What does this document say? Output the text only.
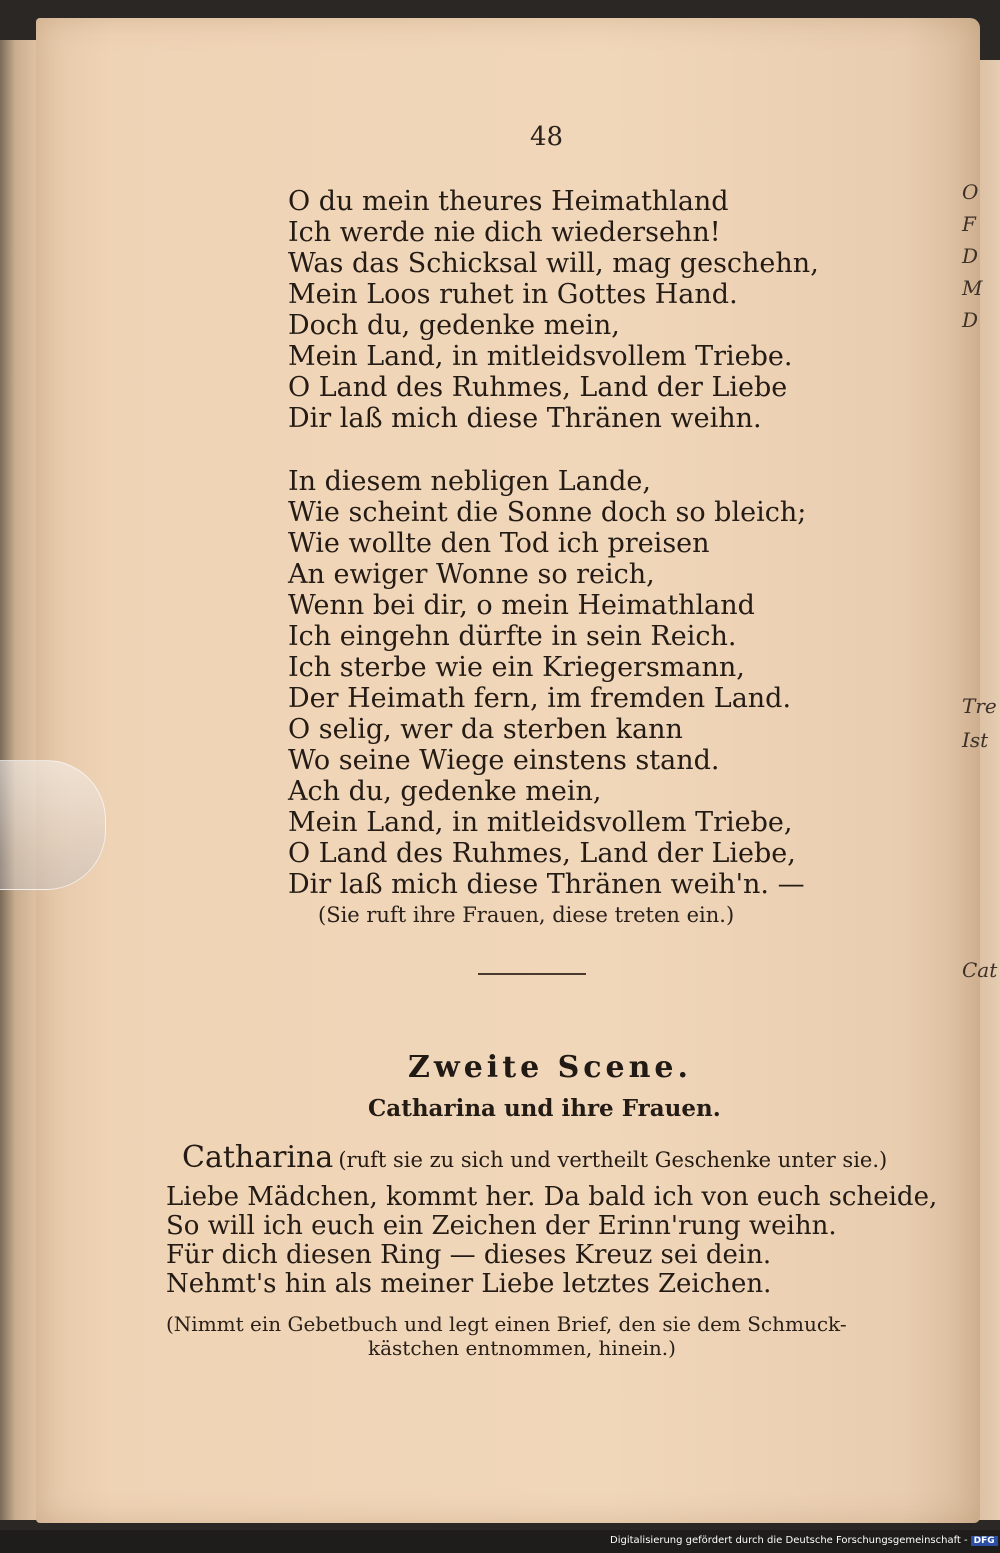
O
F
D
M
D
Tre
Ist
Cat
48
O du mein theures Heimathland
Ich werde nie dich wiedersehn!
Was das Schicksal will, mag geschehn,
Mein Loos ruhet in Gottes Hand.
Doch du, gedenke mein,
Mein Land, in mitleidsvollem Triebe.
O Land des Ruhmes, Land der Liebe
Dir laß mich diese Thränen weihn.
In diesem nebligen Lande,
Wie scheint die Sonne doch so bleich;
Wie wollte den Tod ich preisen
An ewiger Wonne so reich,
Wenn bei dir, o mein Heimathland
Ich eingehn dürfte in sein Reich.
Ich sterbe wie ein Kriegersmann,
Der Heimath fern, im fremden Land.
O selig, wer da sterben kann
Wo seine Wiege einstens stand.
Ach du, gedenke mein,
Mein Land, in mitleidsvollem Triebe,
O Land des Ruhmes, Land der Liebe,
Dir laß mich diese Thränen weih'n. —
(Sie ruft ihre Frauen, diese treten ein.)
Zweite Scene.
Catharina und ihre Frauen.
Catharina (ruft sie zu sich und vertheilt Geschenke unter sie.)
Liebe Mädchen, kommt her. Da bald ich von euch scheide,
So will ich euch ein Zeichen der Erinn'rung weihn.
Für dich diesen Ring — dieses Kreuz sei dein.
Nehmt's hin als meiner Liebe letztes Zeichen.
(Nimmt ein Gebetbuch und legt einen Brief, den sie dem Schmuck-
kästchen entnommen, hinein.)
Digitalisierung gefördert durch die Deutsche Forschungsgemeinschaft - DFG
